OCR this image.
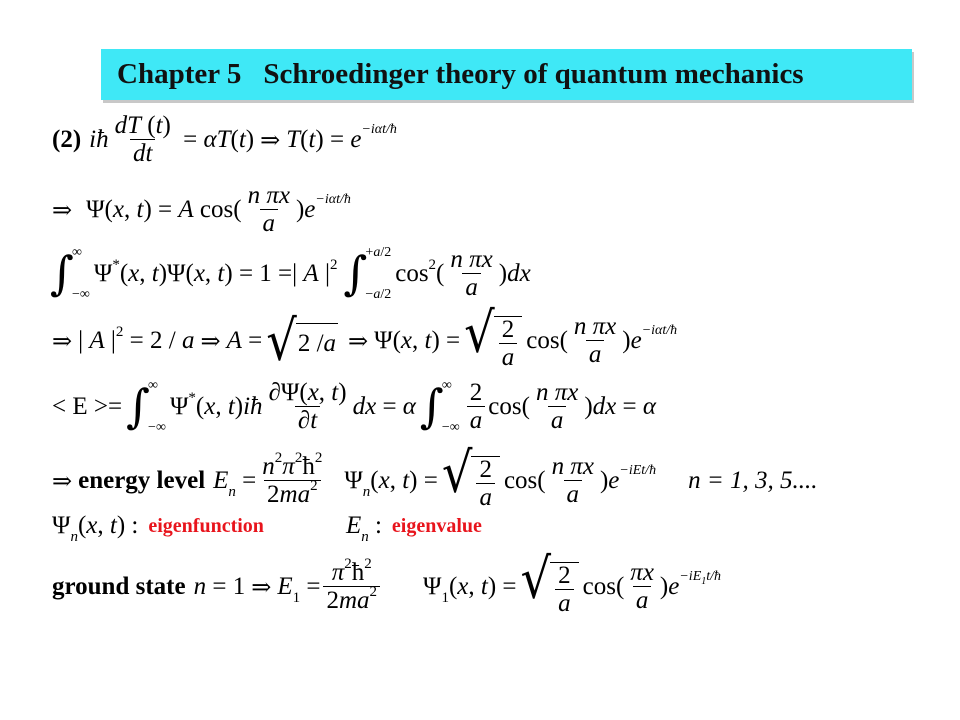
Chapter 5 Schroedinger theory of quantum mechanics
(2) iħ $\frac{dT (t)}{dt} = \alpha T(t)$ ⇒ $T(t) = e^{-i\alpha t/ħ}$
⇒ Ψ(x, t) = A $\cos( \frac{\text{n πx}}{a} )e^{-i\alpha t/ħ}$
∫
∞
−∞
Ψ*(x, t)Ψ(x, t) = 1 =| A $|^2$ ∫
+a/2
−a/2
$\cos^2( \frac{\text{n πx}}{a} )dx$
⇒ | A $|^2 = 2 / a$ ⇒ A = √ 2 / a ⇒ Ψ(x, t) = √ $\frac{2}{a} \cos( \frac{\text{n πx}}{a} )e^{-i\alpha t/ħ}$
< E >= ∫
∞
−∞
Ψ*(x, t)iħ $\frac{\partial\Psi(x, t)}{\partial t}$ dx = α ∫
∞
−∞ $\frac{2}{a} \cos( \frac{\text{n πx}}{a} )dx = \alpha$
⇒ energy level $E_n = \frac{n^2\pi^2ħ^2}{2ma^2} \Psi_n(x$, t) = √ $\frac{2}{a} \cos( \frac{\text{n πx}}{a} )e^{-iEt/ħ}$ n = 1, 3, 5....
$\Psi_n(x$, t) : eigenfunction	$E_n$ : eigenvalue
ground state n = 1 ⇒ $E_1 = \frac{\pi^2ħ^2}{2ma^2} \Psi_1(x$, t) = √ $\frac{2}{a} \cos( \frac{\pi x}{a} )e^{-iE_1t/ħ}$
